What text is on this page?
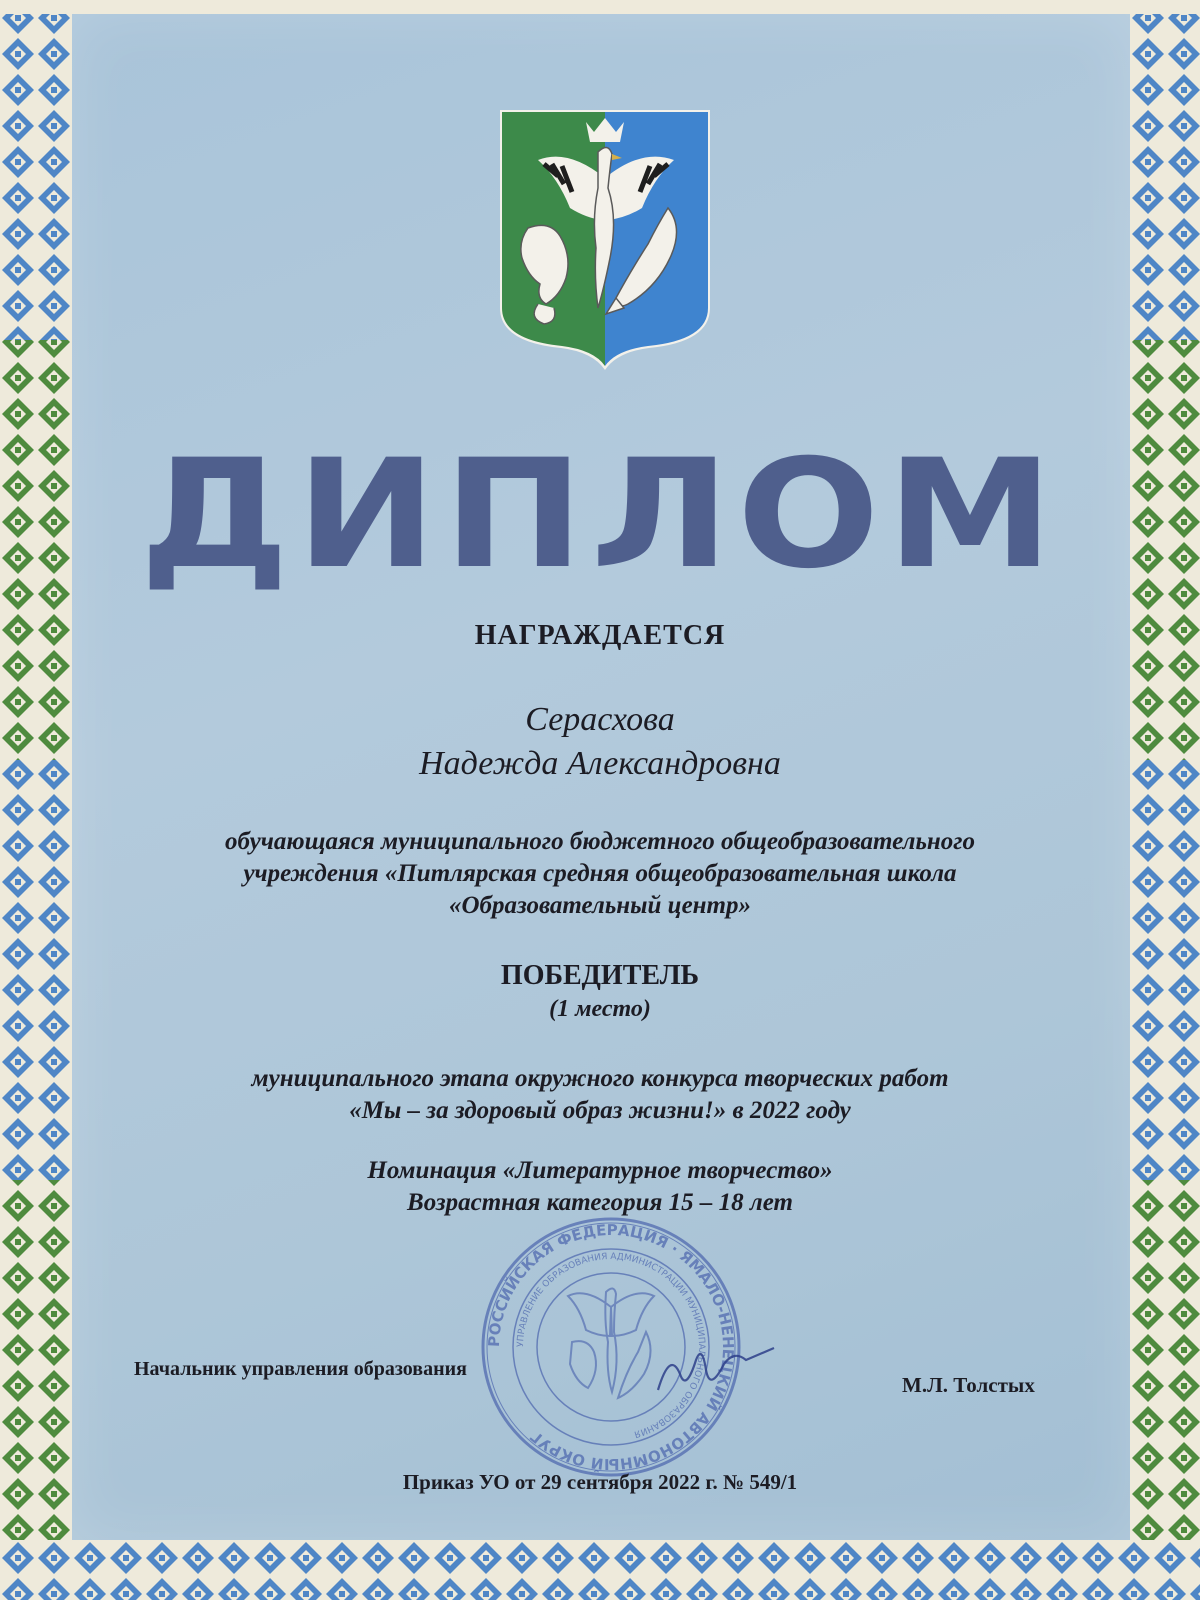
ДИПЛОМ
НАГРАЖДАЕТСЯ
Серасхова
Надежда Александровна
обучающаяся муниципального бюджетного общеобразовательного
учреждения «Питлярская средняя общеобразовательная школа
«Образовательный центр»
ПОБЕДИТЕЛЬ
(1 место)
муниципального этапа окружного конкурса творческих работ
«Мы – за здоровый образ жизни!» в 2022 году
Номинация «Литературное творчество»
Возрастная категория 15 – 18 лет
РОССИЙСКАЯ ФЕДЕРАЦИЯ · ЯМАЛО-НЕНЕЦКИЙ АВТОНОМНЫЙ ОКРУГ
УПРАВЛЕНИЕ ОБРАЗОВАНИЯ АДМИНИСТРАЦИИ МУНИЦИПАЛЬНОГО ОБРАЗОВАНИЯ
Начальник управления образования
М.Л. Толстых
Приказ УО от 29 сентября 2022 г. № 549/1
